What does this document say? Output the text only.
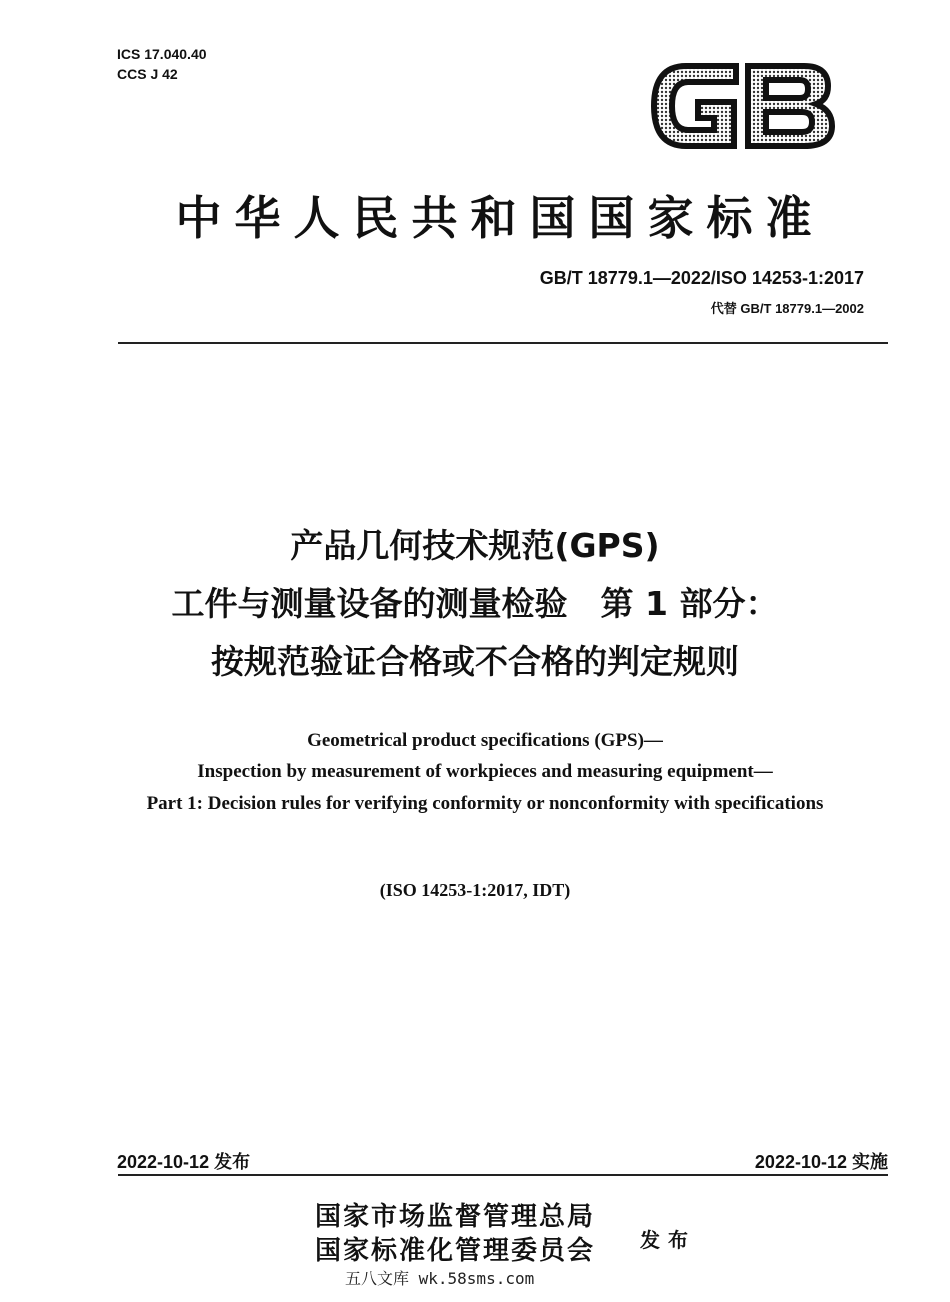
ICS 17.040.40
CCS J 42
中华人民共和国国家标准
GB/T 18779.1—2022/ISO 14253-1:2017
代替 GB/T 18779.1—2002
产品几何技术规范(GPS)
工件与测量设备的测量检验　第 1 部分：
按规范验证合格或不合格的判定规则
Geometrical product specifications (GPS)—
Inspection by measurement of workpieces and measuring equipment—
Part 1: Decision rules for verifying conformity or nonconformity with specifications
(ISO 14253-1:2017, IDT)
2022-10-12 发布	2022-10-12 实施
国家市场监督管理总局
国家标准化管理委员会 发布
五八文库 wk.58sms.com
